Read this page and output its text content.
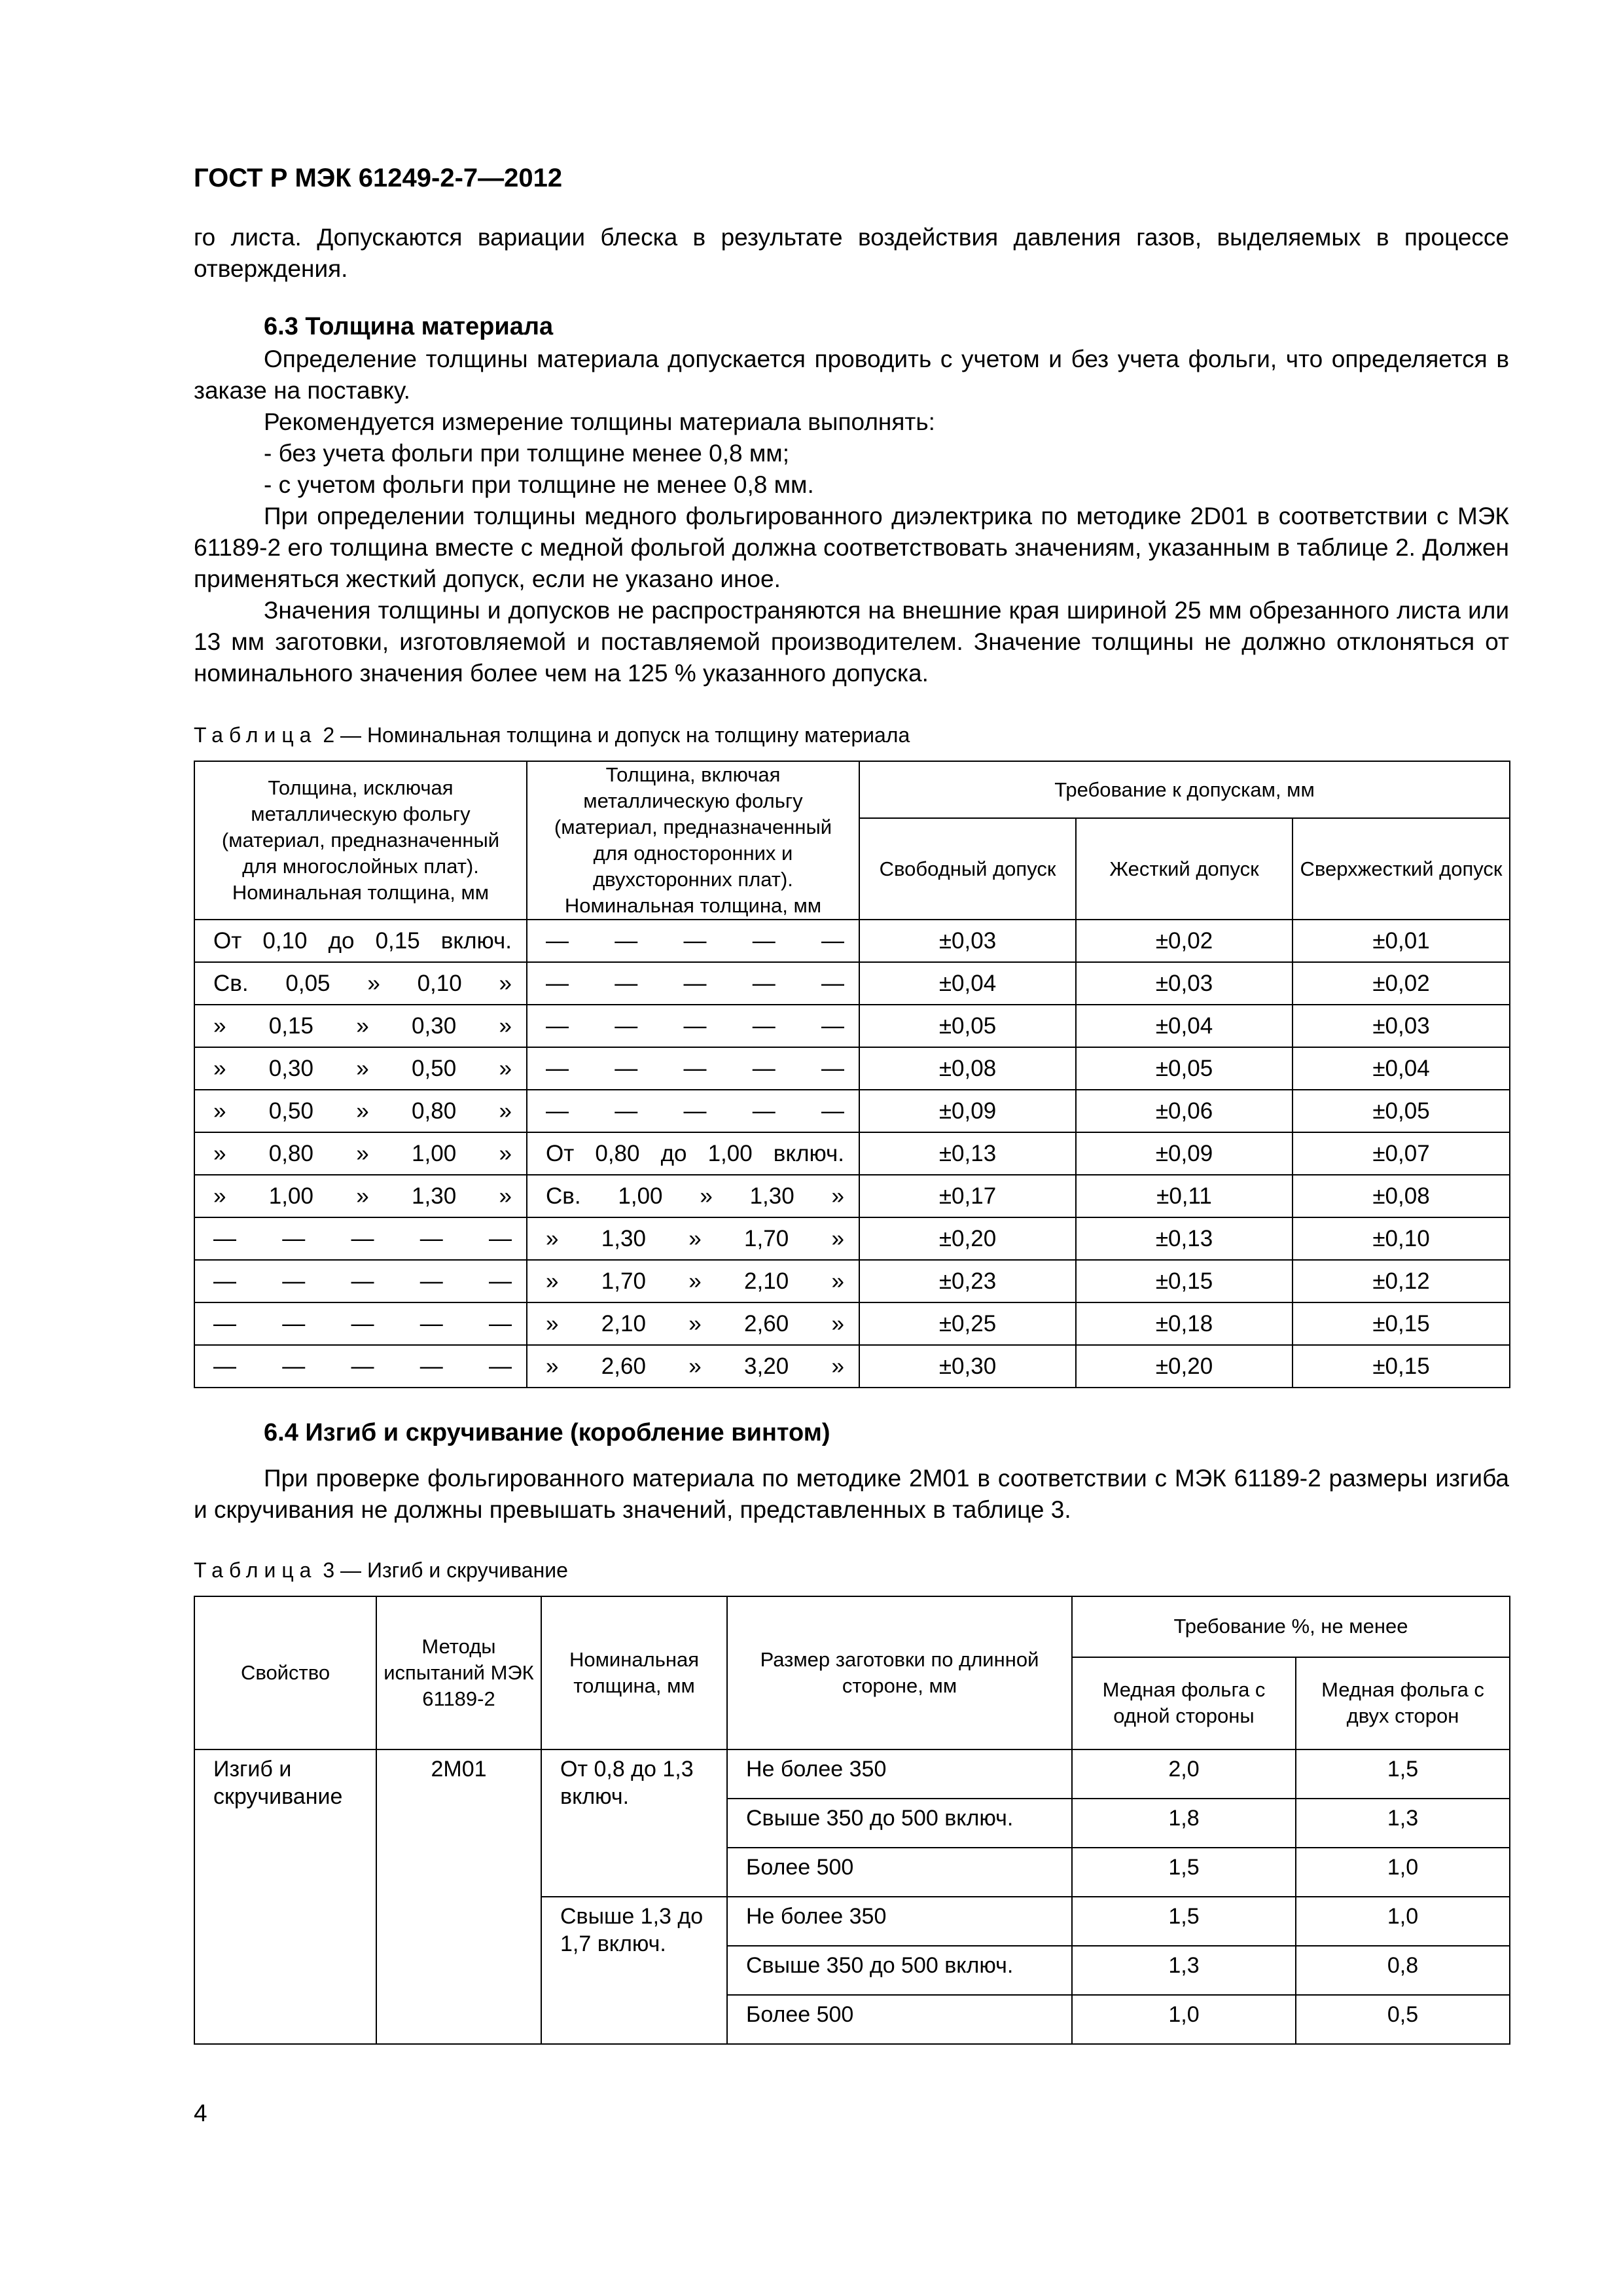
ГОСТ Р МЭК 61249-2-7—2012

го листа. Допускаются вариации блеска в результате воздействия давления газов, выделяемых в процессе отверждения.

6.3 Толщина материала

Определение толщины материала допускается проводить с учетом и без учета фольги, что определяется в заказе на поставку.

Рекомендуется измерение толщины материала выполнять:

- без учета фольги при толщине менее 0,8 мм;

- с учетом фольги при толщине не менее 0,8 мм.

При определении толщины медного фольгированного диэлектрика по методике 2D01 в соответствии с МЭК 61189-2 его толщина вместе с медной фольгой должна соответствовать значениям, указанным в таблице 2. Должен применяться жесткий допуск, если не указано иное.

Значения толщины и допусков не распространяются на внешние края шириной 25 мм обрезанного листа или 13 мм заготовки, изготовляемой и поставляемой производителем. Значение толщины не должно отклоняться от номинального значения более чем на 125 % указанного допуска.

Таблица 2 — Номинальная толщина и допуск на толщину материала
Толщина, исключая металлическую фольгу (материал, предназначенный для многослойных плат). Номинальная толщина, мм	Толщина, включая металлическую фольгу (материал, предназначенный для односторонних и двухсторонних плат). Номинальная толщина, мм	Требование к допускам, мм		
		Свободный допуск	Жесткий допуск	Сверхжесткий допуск

От 0,10 до 0,15 включ.	— — — — —	±0,03	±0,02	±0,01

Св. 0,05 » 0,10 »	— — — — —	±0,04	±0,03	±0,02

» 0,15 » 0,30 »	— — — — —	±0,05	±0,04	±0,03

» 0,30 » 0,50 »	— — — — —	±0,08	±0,05	±0,04

» 0,50 » 0,80 »	— — — — —	±0,09	±0,06	±0,05

» 0,80 » 1,00 »	От 0,80 до 1,00 включ.	±0,13	±0,09	±0,07

» 1,00 » 1,30 »	Св. 1,00 » 1,30 »	±0,17	±0,11	±0,08

— — — — —	» 1,30 » 1,70 »	±0,20	±0,13	±0,10

— — — — —	» 1,70 » 2,10 »	±0,23	±0,15	±0,12

— — — — —	» 2,10 » 2,60 »	±0,25	±0,18	±0,15

— — — — —	» 2,60 » 3,20 »	±0,30	±0,20	±0,15
6.4 Изгиб и скручивание (коробление винтом)

При проверке фольгированного материала по методике 2M01 в соответствии с МЭК 61189-2 размеры изгиба и скручивания не должны превышать значений, представленных в таблице 3.

Таблица 3 — Изгиб и скручивание
Свойство	Методы испытаний МЭК 61189-2	Номинальная толщина, мм	Размер заготовки по длинной стороне, мм	Требование %, не менее	
				Медная фольга с одной стороны	Медная фольга с двух сторон
Изгиб и скручивание	2M01	От 0,8 до 1,3 включ.	Не более 350	2,0	1,5
			Свыше 350 до 500 включ.	1,8	1,3
			Более 500	1,5	1,0
		Свыше 1,3 до 1,7 включ.	Не более 350	1,5	1,0
			Свыше 350 до 500 включ.	1,3	0,8
			Более 500	1,0	0,5
4
